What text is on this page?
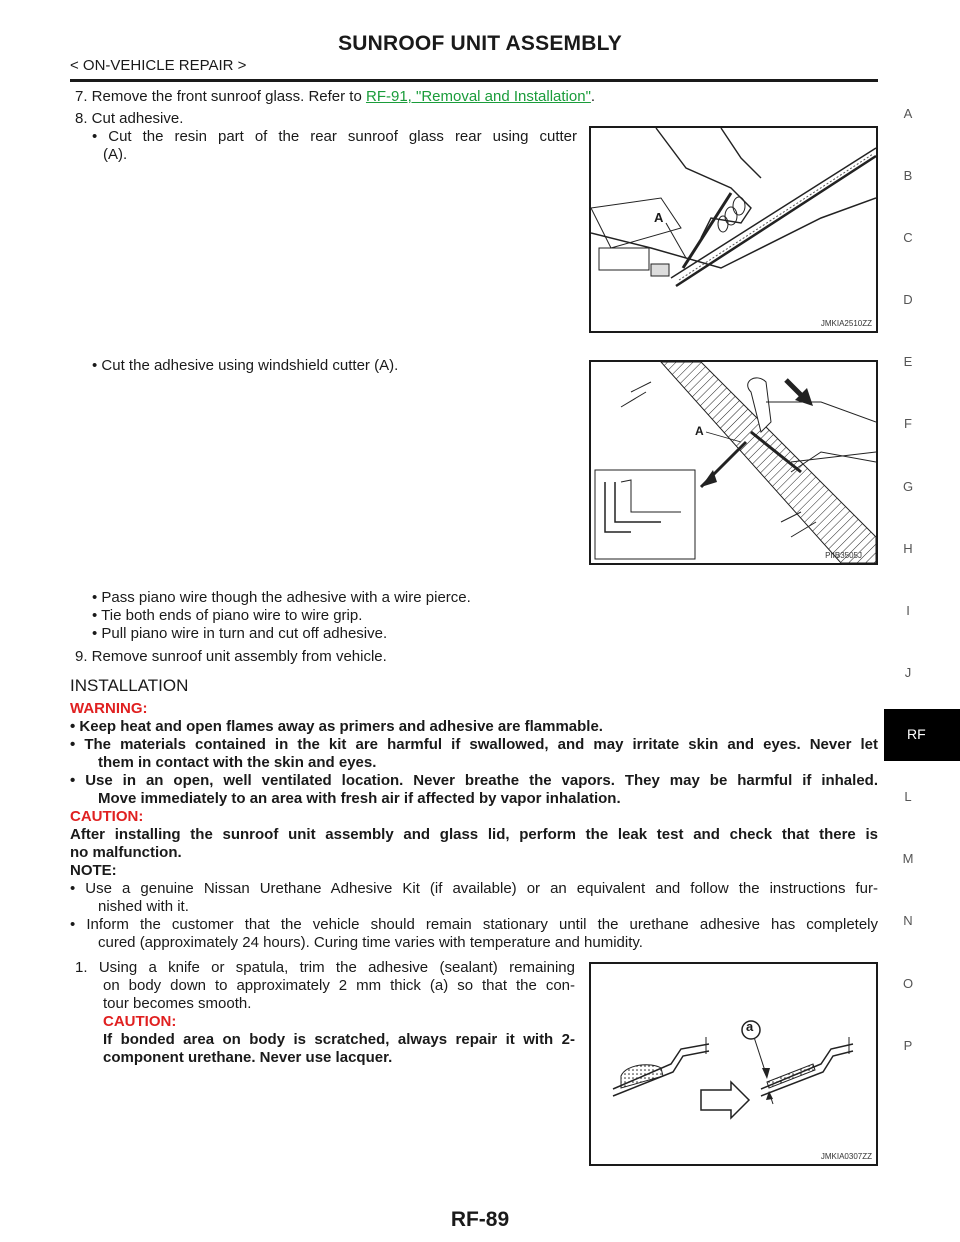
SUNROOF UNIT ASSEMBLY
< ON-VEHICLE REPAIR >
7. Remove the front sunroof glass. Refer to RF-91, "Removal and Installation".
8. Cut adhesive.
• Cut the resin part of the rear sunroof glass rear using cutter
(A).
• Cut the adhesive using windshield cutter (A).
• Pass piano wire though the adhesive with a wire pierce.
• Tie both ends of piano wire to wire grip.
• Pull piano wire in turn and cut off adhesive.
9. Remove sunroof unit assembly from vehicle.
A
JMKIA2510ZZ
A
PIIB3505J
INSTALLATION
WARNING:
• Keep heat and open flames away as primers and adhesive are flammable.
• The materials contained in the kit are harmful if swallowed, and may irritate skin and eyes. Never let
them in contact with the skin and eyes.
• Use in an open, well ventilated location. Never breathe the vapors. They may be harmful if inhaled.
Move immediately to an area with fresh air if affected by vapor inhalation.
CAUTION:
After installing the sunroof unit assembly and glass lid, perform the leak test and check that there is
no malfunction.
NOTE:
• Use a genuine Nissan Urethane Adhesive Kit (if available) or an equivalent and follow the instructions fur-
nished with it.
• Inform the customer that the vehicle should remain stationary until the urethane adhesive has completely
cured (approximately 24 hours). Curing time varies with temperature and humidity.
1. Using a knife or spatula, trim the adhesive (sealant) remaining
on body down to approximately 2 mm thick (a) so that the con-
tour becomes smooth.
CAUTION:
If bonded area on body is scratched, always repair it with 2-
component urethane. Never use lacquer.
a
JMKIA0307ZZ
A
B
C
D
E
F
G
H
I
J
RF
L
M
N
O
P
RF-89
